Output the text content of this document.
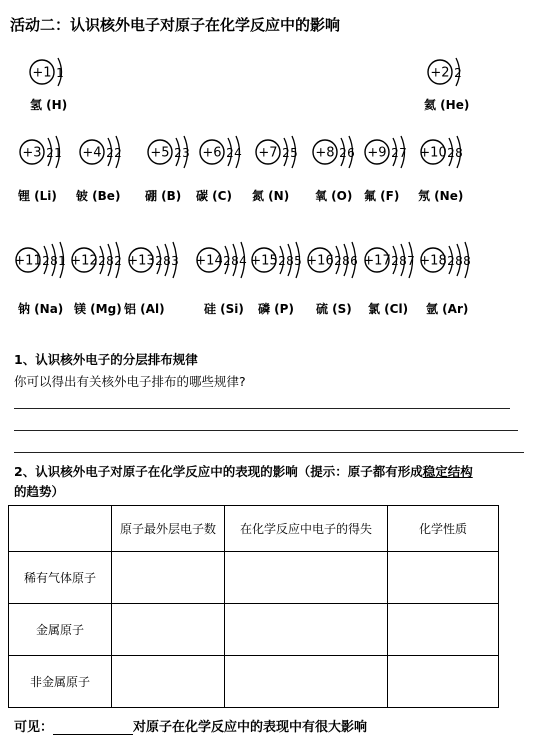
活动二：认识核外电子对原子在化学反应中的影响
+1 1
氢 (H)
+2 2
氦 (He)
+3 2 1
锂 (Li)
+4 2 2
铍 (Be)
+5 2 3
硼 (B)
+6 2 4
碳 (C)
+7 2 5
氮 (N)
+8 2 6
氧 (O)
+9 2 7
氟 (F)
+10 2 8
氖 (Ne)
+11 2 8 1
钠 (Na)
+12 2 8 2
镁 (Mg)
+13 2 8 3
铝 (Al)
+14 2 8 4
硅 (Si)
+15 2 8 5
磷 (P)
+16 2 8 6
硫 (S)
+17 2 8 7
氯 (Cl)
+18 2 8 8
氩 (Ar)
1、认识核外电子的分层排布规律
你可以得出有关核外电子排布的哪些规律?
2、认识核外电子对原子在化学反应中的表现的影响（提示：原子都有形成稳定结构
的趋势）
	原子最外层电子数	在化学反应中电子的得失	化学性质
稀有气体原子			
金属原子			
非金属原子			
可见：	对原子在化学反应中的表现中有很大影响
